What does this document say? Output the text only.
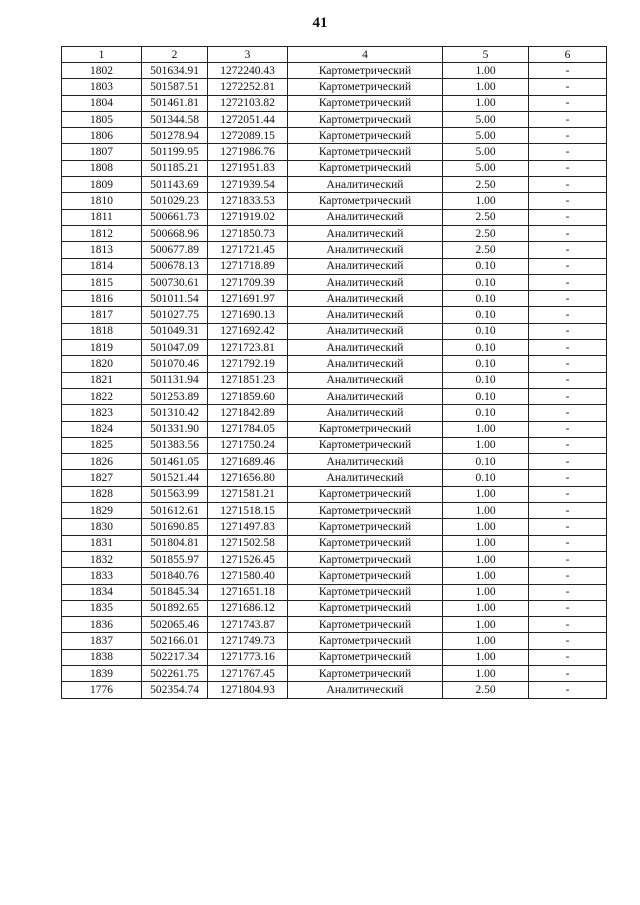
41
1	2	3	4	5	6
1802	501634.91	1272240.43	Картометрический	1.00	-
1803	501587.51	1272252.81	Картометрический	1.00	-
1804	501461.81	1272103.82	Картометрический	1.00	-
1805	501344.58	1272051.44	Картометрический	5.00	-
1806	501278.94	1272089.15	Картометрический	5.00	-
1807	501199.95	1271986.76	Картометрический	5.00	-
1808	501185.21	1271951.83	Картометрический	5.00	-
1809	501143.69	1271939.54	Аналитический	2.50	-
1810	501029.23	1271833.53	Картометрический	1.00	-
1811	500661.73	1271919.02	Аналитический	2.50	-
1812	500668.96	1271850.73	Аналитический	2.50	-
1813	500677.89	1271721.45	Аналитический	2.50	-
1814	500678.13	1271718.89	Аналитический	0.10	-
1815	500730.61	1271709.39	Аналитический	0.10	-
1816	501011.54	1271691.97	Аналитический	0.10	-
1817	501027.75	1271690.13	Аналитический	0.10	-
1818	501049.31	1271692.42	Аналитический	0.10	-
1819	501047.09	1271723.81	Аналитический	0.10	-
1820	501070.46	1271792.19	Аналитический	0.10	-
1821	501131.94	1271851.23	Аналитический	0.10	-
1822	501253.89	1271859.60	Аналитический	0.10	-
1823	501310.42	1271842.89	Аналитический	0.10	-
1824	501331.90	1271784.05	Картометрический	1.00	-
1825	501383.56	1271750.24	Картометрический	1.00	-
1826	501461.05	1271689.46	Аналитический	0.10	-
1827	501521.44	1271656.80	Аналитический	0.10	-
1828	501563.99	1271581.21	Картометрический	1.00	-
1829	501612.61	1271518.15	Картометрический	1.00	-
1830	501690.85	1271497.83	Картометрический	1.00	-
1831	501804.81	1271502.58	Картометрический	1.00	-
1832	501855.97	1271526.45	Картометрический	1.00	-
1833	501840.76	1271580.40	Картометрический	1.00	-
1834	501845.34	1271651.18	Картометрический	1.00	-
1835	501892.65	1271686.12	Картометрический	1.00	-
1836	502065.46	1271743.87	Картометрический	1.00	-
1837	502166.01	1271749.73	Картометрический	1.00	-
1838	502217.34	1271773.16	Картометрический	1.00	-
1839	502261.75	1271767.45	Картометрический	1.00	-
1776	502354.74	1271804.93	Аналитический	2.50	-
